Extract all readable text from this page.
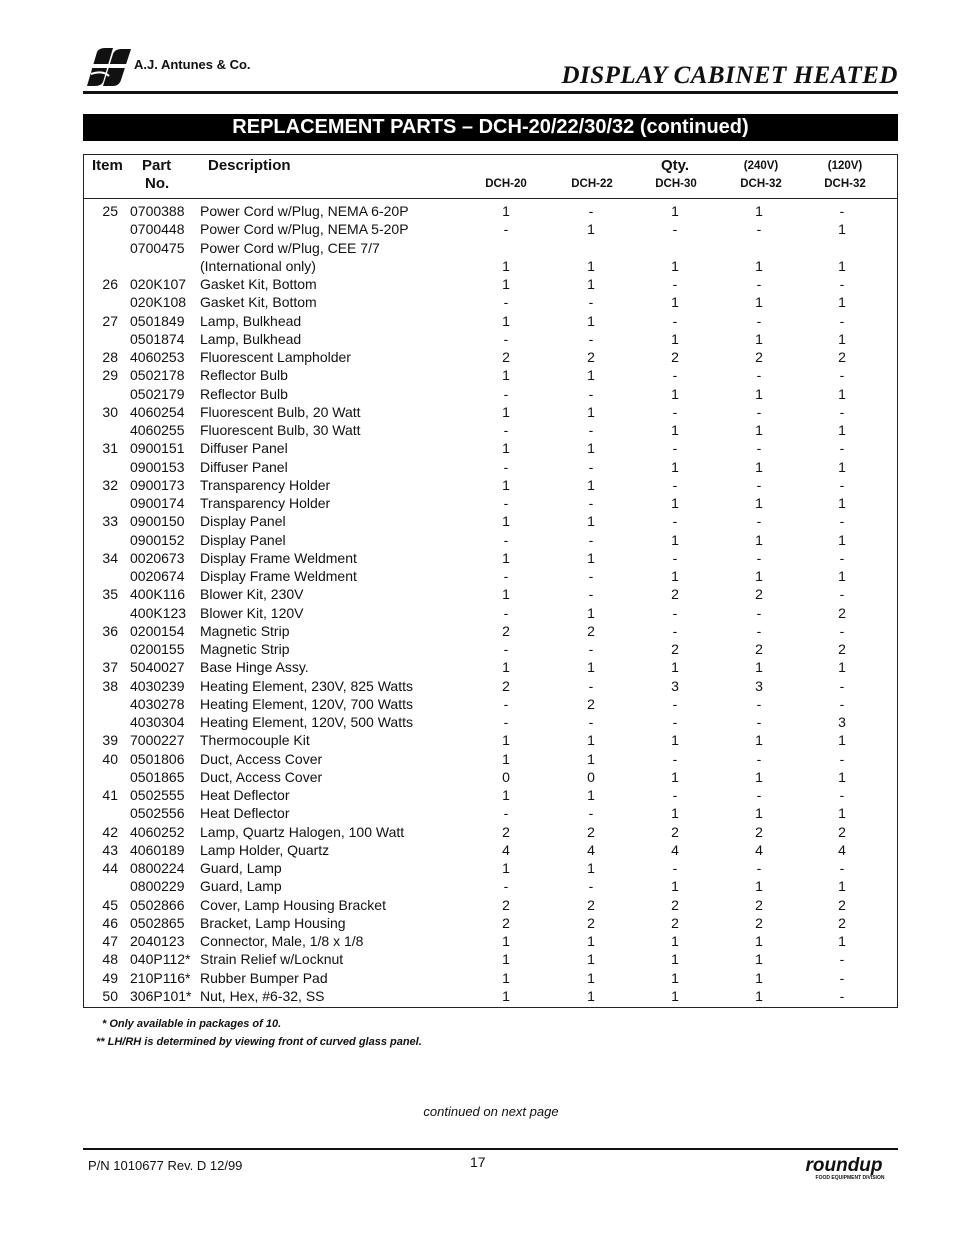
A.J. Antunes & Co.	DISPLAY CABINET HEATED
REPLACEMENT PARTS – DCH-20/22/30/32 (continued)
Item Part
No.
Description	Qty.	(240V)	(120V)
DCH-20	DCH-22	DCH-30	DCH-32	DCH-32
25 0700388 Power Cord w/Plug, NEMA 6-20P	1	-	1	1	-
0700448 Power Cord w/Plug, NEMA 5-20P	-	1	-	-	1
0700475 Power Cord w/Plug, CEE 7/7
(International only)	1	1	1	1	1
26 020K107 Gasket Kit, Bottom	1	1	-	-	-
020K108 Gasket Kit, Bottom	-	-	1	1	1
27 0501849 Lamp, Bulkhead	1	1	-	-	-
0501874 Lamp, Bulkhead	-	-	1	1	1
28 4060253 Fluorescent Lampholder	2	2	2	2	2
29 0502178 Reflector Bulb	1	1	-	-	-
0502179 Reflector Bulb	-	-	1	1	1
30 4060254 Fluorescent Bulb, 20 Watt	1	1	-	-	-
4060255 Fluorescent Bulb, 30 Watt	-	-	1	1	1
31 0900151 Diffuser Panel	1	1	-	-	-
0900153 Diffuser Panel	-	-	1	1	1
32 0900173 Transparency Holder	1	1	-	-	-
0900174 Transparency Holder	-	-	1	1	1
33 0900150 Display Panel	1	1	-	-	-
0900152 Display Panel	-	-	1	1	1
34 0020673 Display Frame Weldment	1	1	-	-	-
0020674 Display Frame Weldment	-	-	1	1	1
35 400K116 Blower Kit, 230V	1	-	2	2	-
400K123 Blower Kit, 120V	-	1	-	-	2
36 0200154 Magnetic Strip	2	2	-	-	-
0200155 Magnetic Strip	-	-	2	2	2
37 5040027 Base Hinge Assy.	1	1	1	1	1
38 4030239 Heating Element, 230V, 825 Watts	2	-	3	3	-
4030278 Heating Element, 120V, 700 Watts	-	2	-	-	-
4030304 Heating Element, 120V, 500 Watts	-	-	-	-	3
39 7000227 Thermocouple Kit	1	1	1	1	1
40 0501806 Duct, Access Cover	1	1	-	-	-
0501865 Duct, Access Cover	0	0	1	1	1
41 0502555 Heat Deflector	1	1	-	-	-
0502556 Heat Deflector	-	-	1	1	1
42 4060252 Lamp, Quartz Halogen, 100 Watt	2	2	2	2	2
43 4060189 Lamp Holder, Quartz	4	4	4	4	4
44 0800224 Guard, Lamp	1	1	-	-	-
0800229 Guard, Lamp	-	-	1	1	1
45 0502866 Cover, Lamp Housing Bracket	2	2	2	2	2
46 0502865 Bracket, Lamp Housing	2	2	2	2	2
47 2040123 Connector, Male, 1/8 x 1/8	1	1	1	1	1
48 040P112* Strain Relief w/Locknut	1	1	1	1	-
49 210P116* Rubber Bumper Pad	1	1	1	1	-
50 306P101* Nut, Hex, #6-32, SS	1	1	1	1	-
* Only available in packages of 10.
** LH/RH is determined by viewing front of curved glass panel.
continued on next page
P/N 1010677 Rev. D 12/99	17	roundup
FOOD EQUIPMENT DIVISION
